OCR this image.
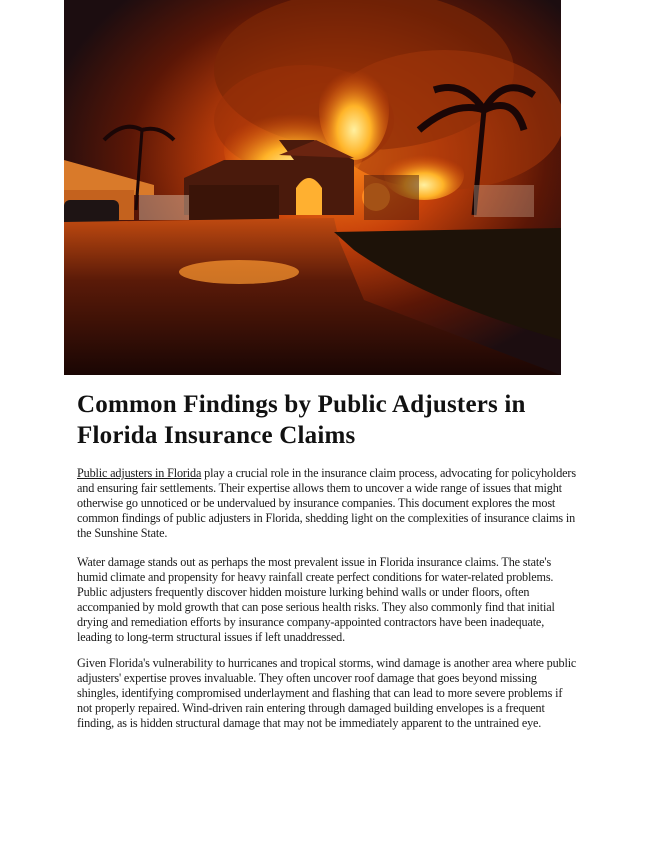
Common Findings by Public Adjusters in Florida Insurance Claims

Public adjusters in Florida play a crucial role in the insurance claim process, advocating for policyholders and ensuring fair settlements. Their expertise allows them to uncover a wide range of issues that might otherwise go unnoticed or be undervalued by insurance companies. This document explores the most common findings of public adjusters in Florida, shedding light on the complexities of insurance claims in the Sunshine State.

Water damage stands out as perhaps the most prevalent issue in Florida insurance claims. The state's humid climate and propensity for heavy rainfall create perfect conditions for water-related problems. Public adjusters frequently discover hidden moisture lurking behind walls or under floors, often accompanied by mold growth that can pose serious health risks. They also commonly find that initial drying and remediation efforts by insurance company-appointed contractors have been inadequate, leading to long-term structural issues if left unaddressed.

Given Florida's vulnerability to hurricanes and tropical storms, wind damage is another area where public adjusters' expertise proves invaluable. They often uncover roof damage that goes beyond missing shingles, identifying compromised underlayment and flashing that can lead to more severe problems if not properly repaired. Wind-driven rain entering through damaged building envelopes is a frequent finding, as is hidden structural damage that may not be immediately apparent to the untrained eye.
